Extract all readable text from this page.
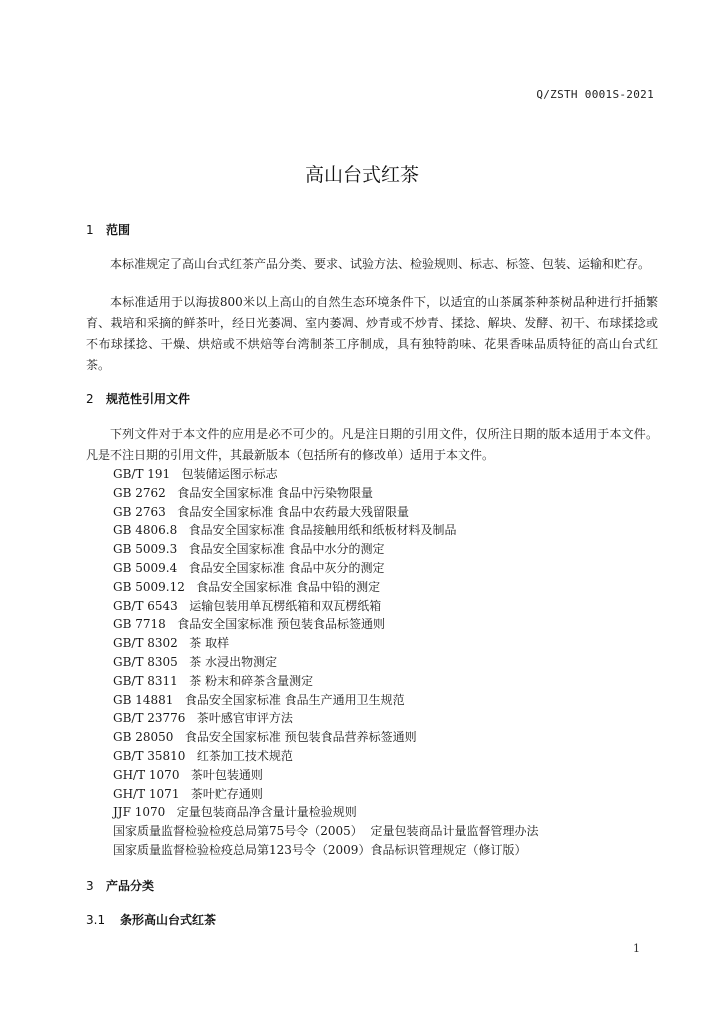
Q/ZSTH 0001S-2021
高山台式红茶
1 范围
本标准规定了高山台式红茶产品分类、要求、试验方法、检验规则、标志、标签、包装、运输和贮存。
本标准适用于以海拔800米以上高山的自然生态环境条件下，以适宜的山茶属茶种茶树品种进行扦插繁育、栽培和采摘的鲜茶叶，经日光萎凋、室内萎凋、炒青或不炒青、揉捻、解块、发酵、初干、布球揉捻或不布球揉捻、干燥、烘焙或不烘焙等台湾制茶工序制成，具有独特韵味、花果香味品质特征的高山台式红茶。
2 规范性引用文件
下列文件对于本文件的应用是必不可少的。凡是注日期的引用文件，仅所注日期的版本适用于本文件。凡是不注日期的引用文件，其最新版本（包括所有的修改单）适用于本文件。
GB/T 191   包装储运图示标志
GB 2762   食品安全国家标准 食品中污染物限量
GB 2763   食品安全国家标准 食品中农药最大残留限量
GB 4806.8   食品安全国家标准 食品接触用纸和纸板材料及制品
GB 5009.3   食品安全国家标准 食品中水分的测定
GB 5009.4   食品安全国家标准 食品中灰分的测定
GB 5009.12   食品安全国家标准 食品中铅的测定
GB/T 6543   运输包装用单瓦楞纸箱和双瓦楞纸箱
GB 7718   食品安全国家标准 预包装食品标签通则
GB/T 8302   茶 取样
GB/T 8305   茶 水浸出物测定
GB/T 8311   茶 粉末和碎茶含量测定
GB 14881   食品安全国家标准 食品生产通用卫生规范
GB/T 23776   茶叶感官审评方法
GB 28050   食品安全国家标准 预包装食品营养标签通则
GB/T 35810   红茶加工技术规范
GH/T 1070   茶叶包装通则
GH/T 1071   茶叶贮存通则
JJF 1070   定量包装商品净含量计量检验规则
国家质量监督检验检疫总局第75号令（2005）  定量包装商品计量监督管理办法
国家质量监督检验检疫总局第123号令（2009）食品标识管理规定（修订版）
3 产品分类
3.1 条形高山台式红茶
1
